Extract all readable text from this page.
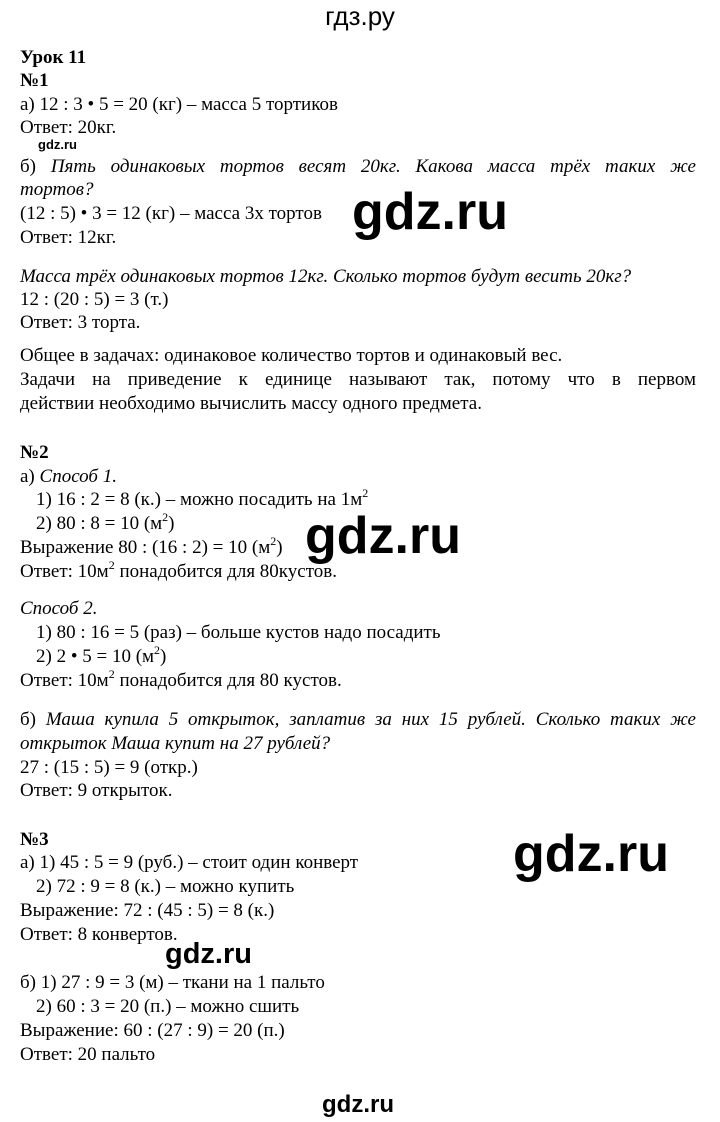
гдз.ру
Урок 11
№1
а) 12 : 3 • 5 = 20 (кг) – масса 5 тортиков
Ответ: 20кг.
б) Пять одинаковых тортов весят 20кг. Какова масса трёх таких же
тортов?
(12 : 5) • 3 = 12 (кг) – масса 3х тортов
Ответ: 12кг.
Масса трёх одинаковых тортов 12кг. Сколько тортов будут весить 20кг?
12 : (20 : 5) = 3 (т.)
Ответ: 3 торта.
Общее в задачах: одинаковое количество тортов и одинаковый вес.
Задачи на приведение к единице называют так, потому что в первом
действии необходимо вычислить массу одного предмета.
№2
а) Способ 1.
1) 16 : 2 = 8 (к.) – можно посадить на $1м^2$
2) 80 : 8 = 10 $(м^2)$
Выражение 80 : (16 : 2) = 10 $(м^2)$
Ответ: $10м^2$ понадобится для 80кустов.
Способ 2.
1) 80 : 16 = 5 (раз) – больше кустов надо посадить
2) 2 • 5 = 10 $(м^2)$
Ответ: $10м^2$ понадобится для 80 кустов.
б) Маша купила 5 открыток, заплатив за них 15 рублей. Сколько таких же
открыток Маша купит на 27 рублей?
27 : (15 : 5) = 9 (откр.)
Ответ: 9 открыток.
№3
а) 1) 45 : 5 = 9 (руб.) – стоит один конверт
2) 72 : 9 = 8 (к.) – можно купить
Выражение: 72 : (45 : 5) = 8 (к.)
Ответ: 8 конвертов.
б) 1) 27 : 9 = 3 (м) – ткани на 1 пальто
2) 60 : 3 = 20 (п.) – можно сшить
Выражение: 60 : (27 : 9) = 20 (п.)
Ответ: 20 пальто
gdz.ru
gdz.ru
gdz.ru
gdz.ru
gdz.ru
gdz.ru
